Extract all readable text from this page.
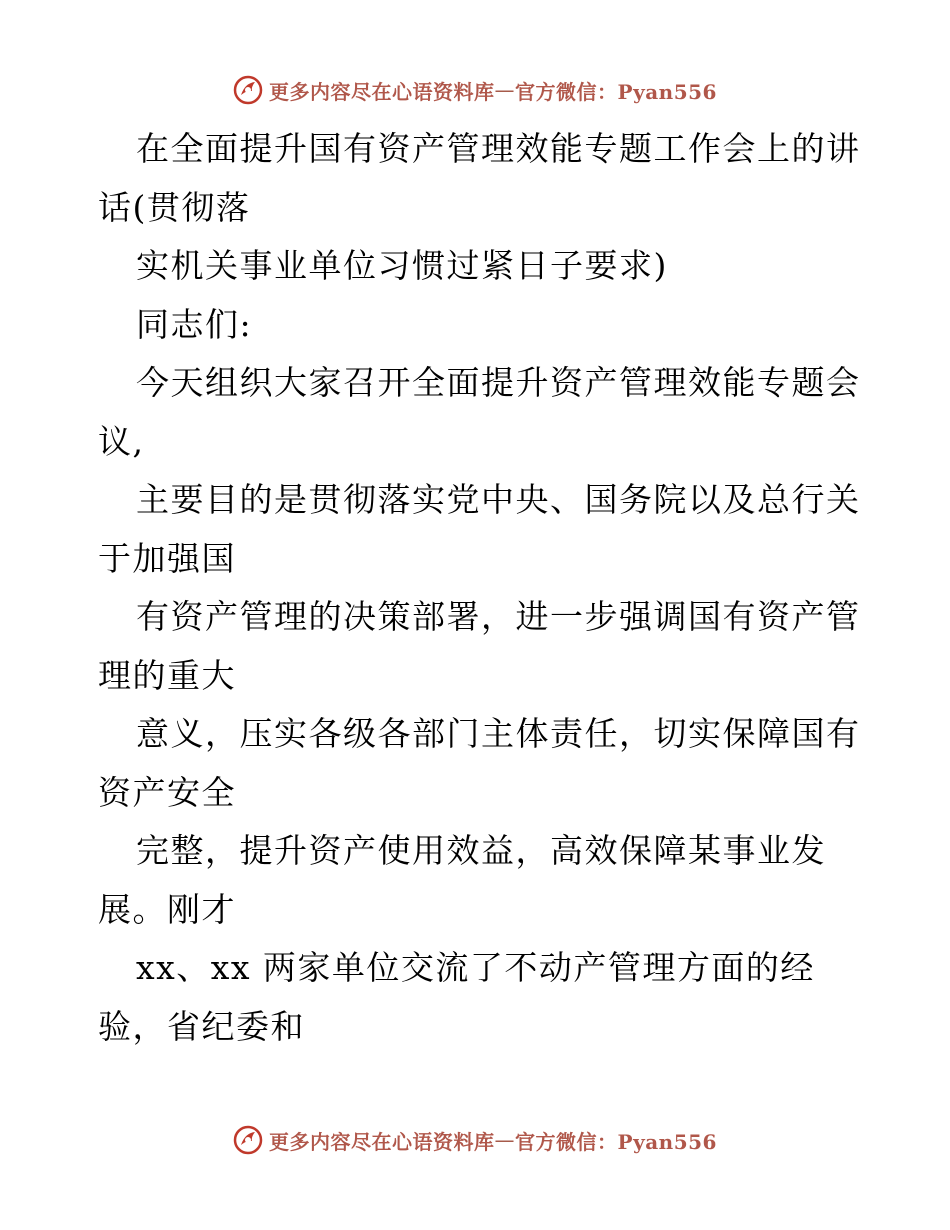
更多内容尽在心语资料库 — 官方微信：Pyan556
在全面提升国有资产管理效能专题工作会上的讲
话(贯彻落
实机关事业单位习惯过紧日子要求)
同志们:
今天组织大家召开全面提升资产管理效能专题会
议,
主要目的是贯彻落实党中央、国务院以及总行关
于加强国
有资产管理的决策部署，进一步强调国有资产管
理的重大
意义，压实各级各部门主体责任，切实保障国有
资产安全
完整，提升资产使用效益，高效保障某事业发
展。刚才
xx、xx 两家单位交流了不动产管理方面的经
验，省纪委和
更多内容尽在心语资料库 — 官方微信：Pyan556
